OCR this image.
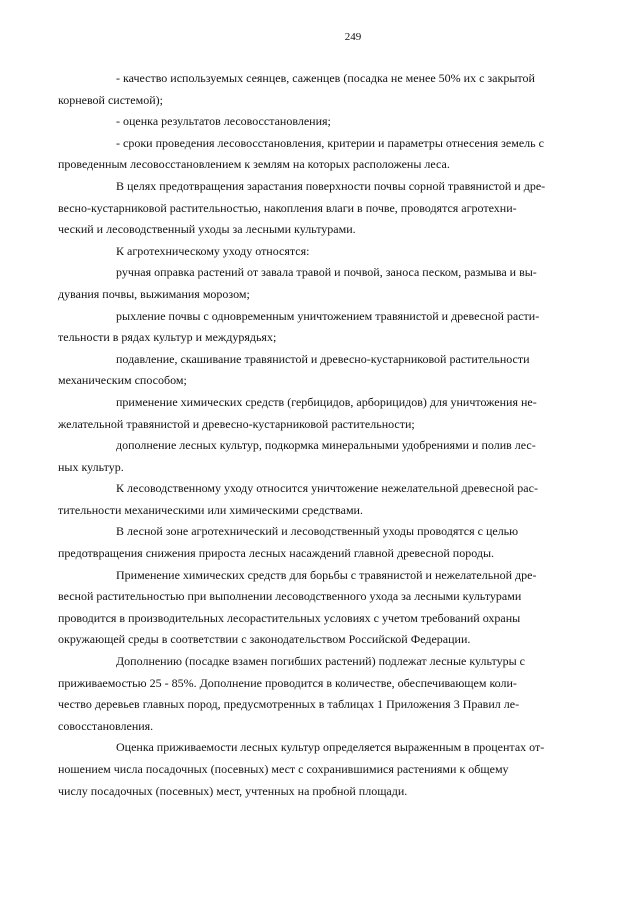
249
- качество используемых сеянцев, саженцев (посадка не менее 50% их с закрытой
корневой системой);
- оценка результатов лесовосстановления;
- сроки проведения лесовосстановления, критерии и параметры отнесения земель с
проведенным лесовосстановлением к землям на которых расположены леса.
В целях предотвращения зарастания поверхности почвы сорной травянистой и дре-
весно-кустарниковой растительностью, накопления влаги в почве, проводятся агротехни-
ческий и лесоводственный уходы за лесными культурами.
К агротехническому уходу относятся:
ручная оправка растений от завала травой и почвой, заноса песком, размыва и вы-
дувания почвы, выжимания морозом;
рыхление почвы с одновременным уничтожением травянистой и древесной расти-
тельности в рядах культур и междурядьях;
подавление, скашивание травянистой и древесно-кустарниковой растительности
механическим способом;
применение химических средств (гербицидов, арборицидов) для уничтожения не-
желательной травянистой и древесно-кустарниковой растительности;
дополнение лесных культур, подкормка минеральными удобрениями и полив лес-
ных культур.
К лесоводственному уходу относится уничтожение нежелательной древесной рас-
тительности механическими или химическими средствами.
В лесной зоне агротехнический и лесоводственный уходы проводятся с целью
предотвращения снижения прироста лесных насаждений главной древесной породы.
Применение химических средств для борьбы с травянистой и нежелательной дре-
весной растительностью при выполнении лесоводственного ухода за лесными культурами
проводится в производительных лесорастительных условиях с учетом требований охраны
окружающей среды в соответствии с законодательством Российской Федерации.
Дополнению (посадке взамен погибших растений) подлежат лесные культуры с
приживаемостью 25 - 85%. Дополнение проводится в количестве, обеспечивающем коли-
чество деревьев главных пород, предусмотренных в таблицах 1 Приложения 3 Правил ле-
совосстановления.
Оценка приживаемости лесных культур определяется выраженным в процентах от-
ношением числа посадочных (посевных) мест с сохранившимися растениями к общему
числу посадочных (посевных) мест, учтенных на пробной площади.
